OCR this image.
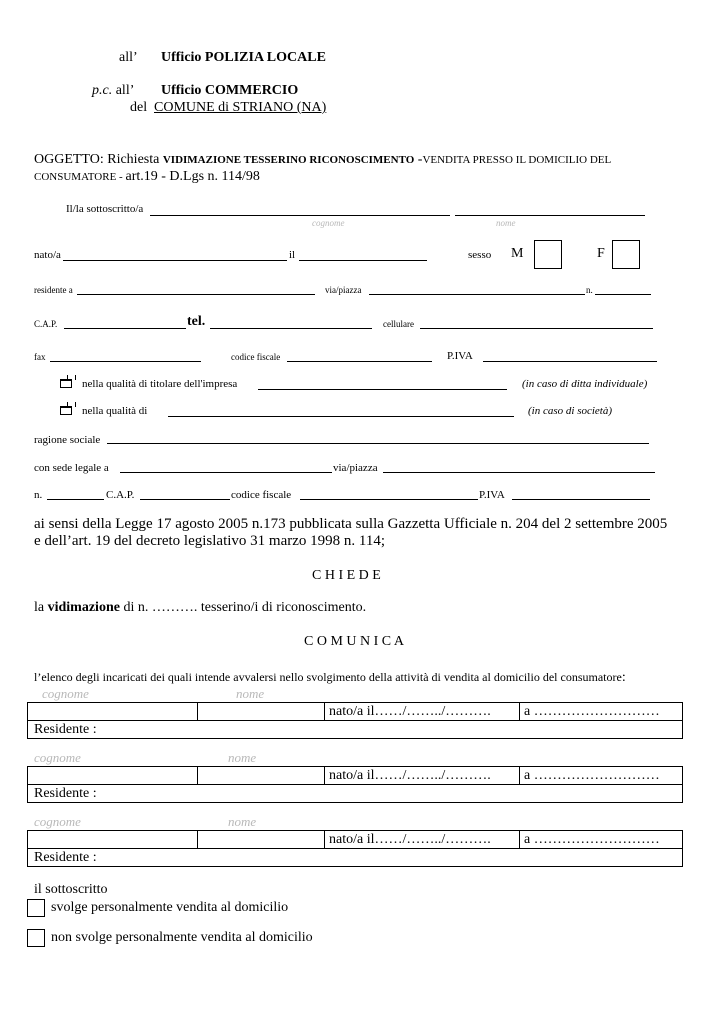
all’ Ufficio POLIZIA LOCALE
p.c. all’ Ufficio COMMERCIO
del COMUNE di STRIANO (NA)
OGGETTO: Richiesta VIDIMAZIONE TESSERINO RICONOSCIMENTO -VENDITA PRESSO IL DOMICILIO DEL
CONSUMATORE - art.19 - D.Lgs n. 114/98
Il/la sottoscritto/a
cognome	nome
nato/a	il	sesso M	F
residente a	via/piazza	n.
C.A.P.	tel.	cellulare
fax	codice fiscale	P.IVA
nella qualità di titolare dell'impresa	(in caso di ditta individuale)
nella qualità di	(in caso di società)
ragione sociale
con sede legale a	via/piazza
n.	C.A.P.	codice fiscale	P.IVA
ai sensi della Legge 17 agosto 2005 n.173 pubblicata sulla Gazzetta Ufficiale n. 204 del 2 settembre 2005
e dell’art. 19 del decreto legislativo 31 marzo 1998 n. 114;
C H I E D E
la vidimazione di n. ………. tesserino/i di riconoscimento.
C O M U N I C A
l’elenco degli incaricati dei quali intende avvalersi nello svolgimento della attività di vendita al domicilio del consumatore:
cognome	nome
nato/a il……/……../……….	a ………………………
Residente :
cognome	nome
nato/a il……/……../……….	a ………………………
Residente :
cognome	nome
nato/a il……/……../……….	a ………………………
Residente :
il sottoscritto
svolge personalmente vendita al domicilio
non svolge personalmente vendita al domicilio
